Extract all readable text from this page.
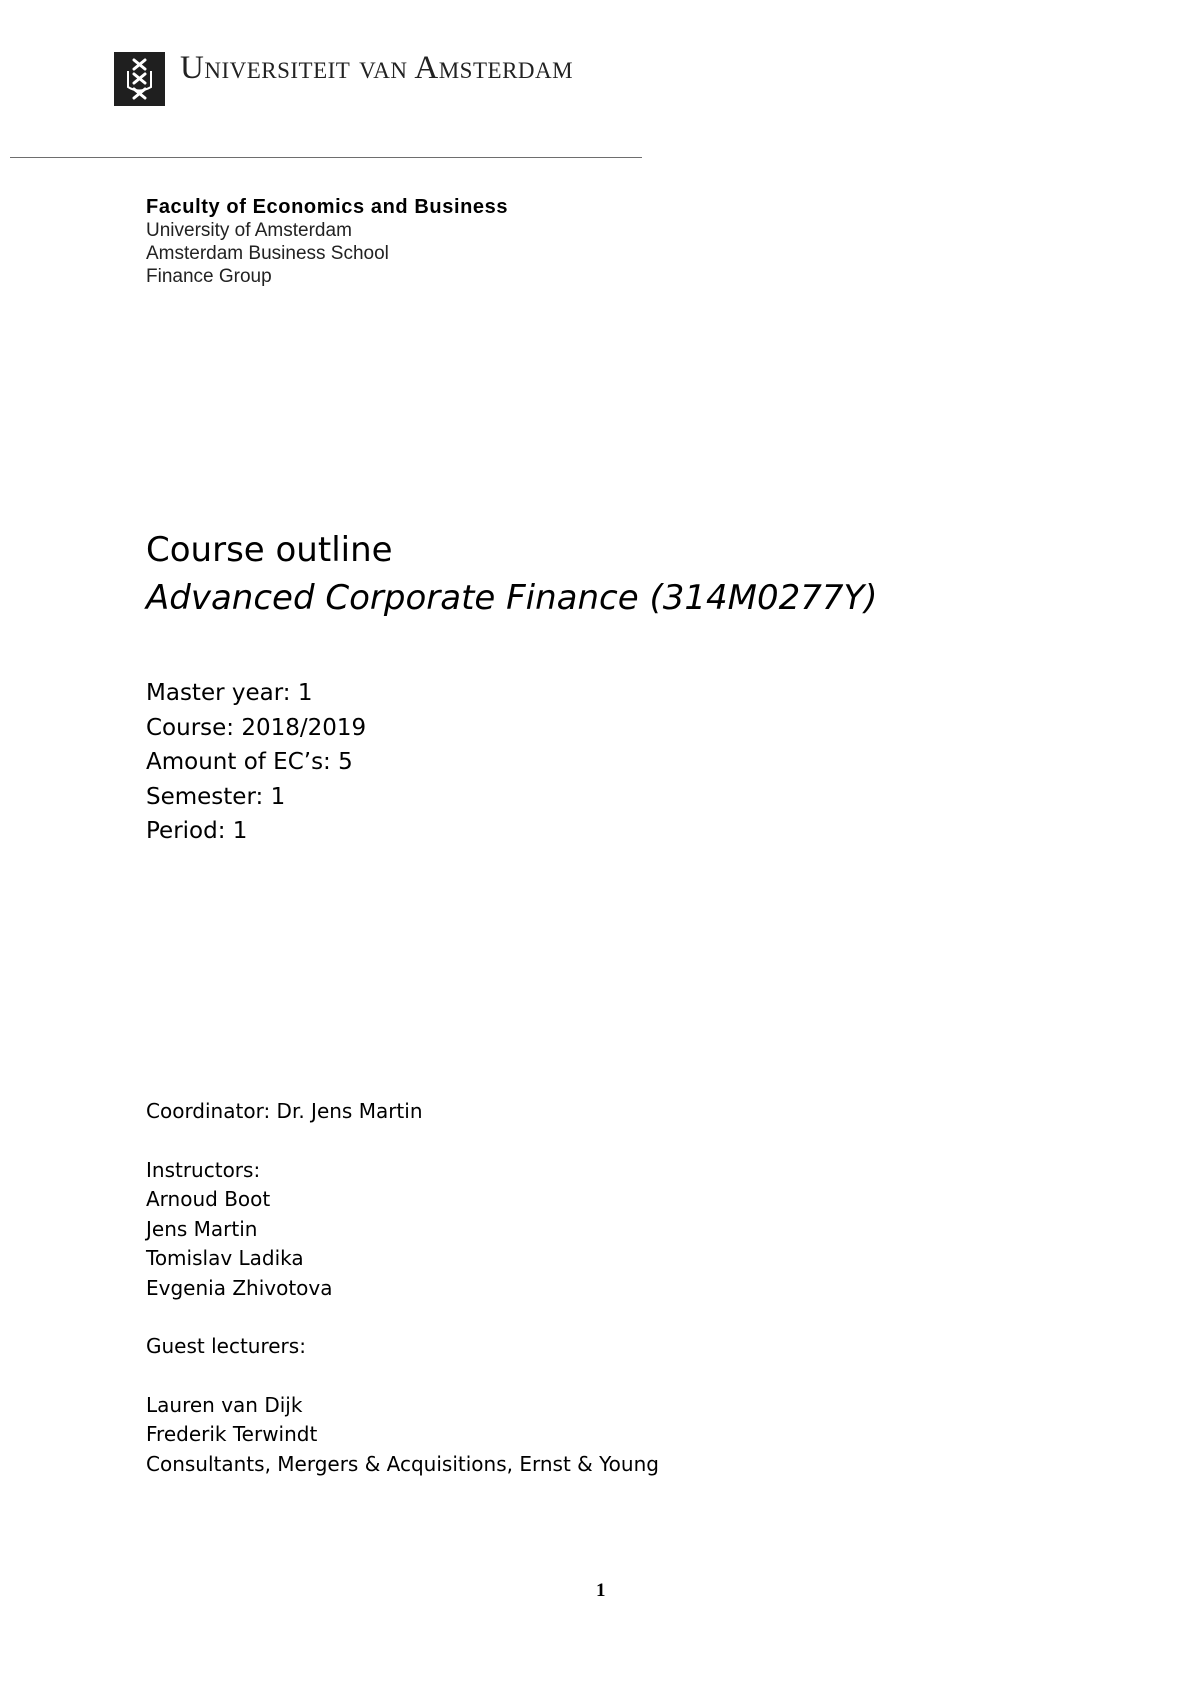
Universiteit van Amsterdam
Faculty of Economics and Business
University of Amsterdam
Amsterdam Business School
Finance Group
Course outline
Advanced Corporate Finance (314M0277Y)
Master year: 1
Course: 2018/2019
Amount of EC’s: 5
Semester: 1
Period: 1
Coordinator: Dr. Jens Martin
Instructors:
Arnoud Boot
Jens Martin
Tomislav Ladika
Evgenia Zhivotova
Guest lecturers:
Lauren van Dijk
Frederik Terwindt
Consultants, Mergers & Acquisitions, Ernst & Young
1
